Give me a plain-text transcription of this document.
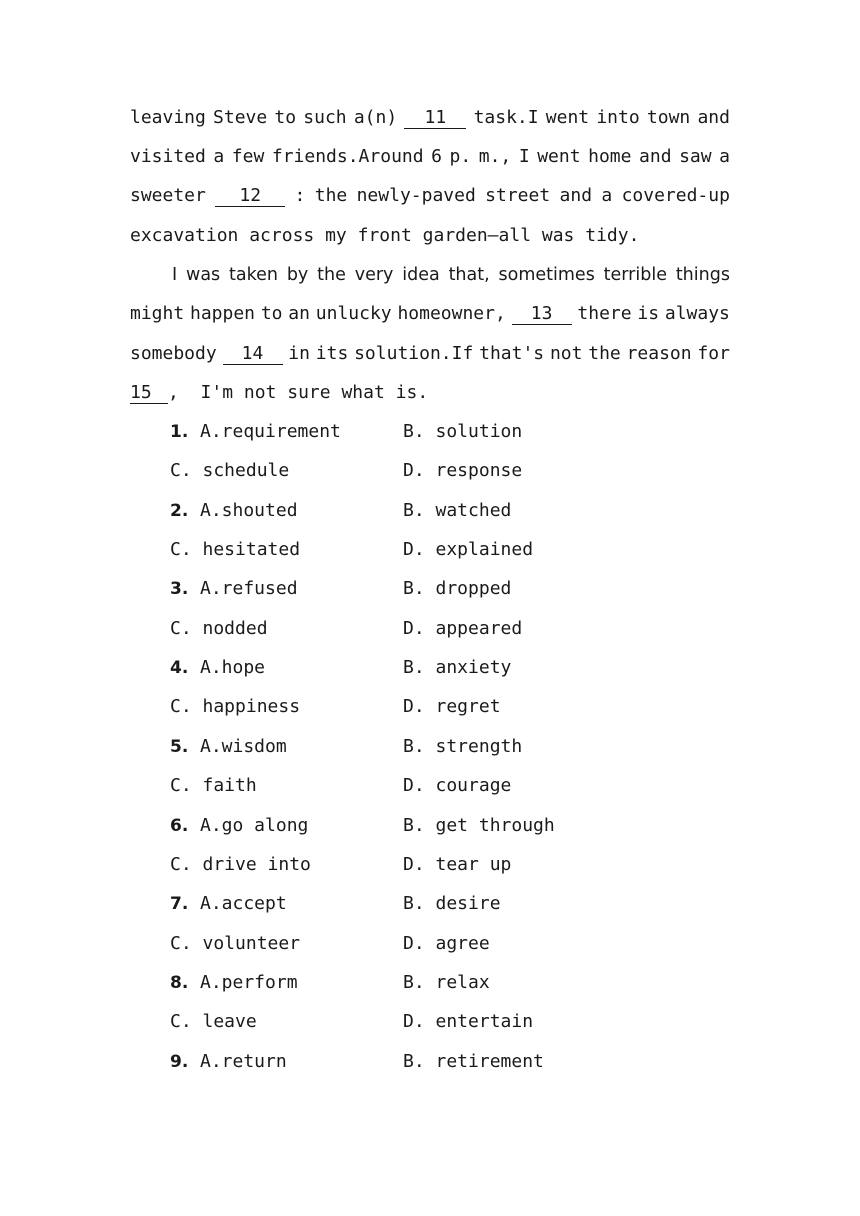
leaving Steve to such a(n)	11	task.I went into town and
visited a few friends.Around 6 p. m., I went home and saw a
sweeter	12	: the newly-paved street and a covered-up
excavation
across
my
front
garden—all
was
tidy.
I was taken by the very idea that, sometimes terrible things
might happen to an unlucky homeowner,	13	there is always
somebody	14	in its solution.If that's not the reason for
15 ,
I'm
not
sure
what
is.
1. A.requirement	B. solution
C. schedule	D. response
2. A.shouted	B. watched
C. hesitated	D. explained
3. A.refused	B. dropped
C. nodded	D. appeared
4. A.hope	B. anxiety
C. happiness	D. regret
5. A.wisdom	B. strength
C. faith	D. courage
6. A.go along	B. get through
C. drive into	D. tear up
7. A.accept	B. desire
C. volunteer	D. agree
8. A.perform	B. relax
C. leave	D. entertain
9. A.return	B. retirement
